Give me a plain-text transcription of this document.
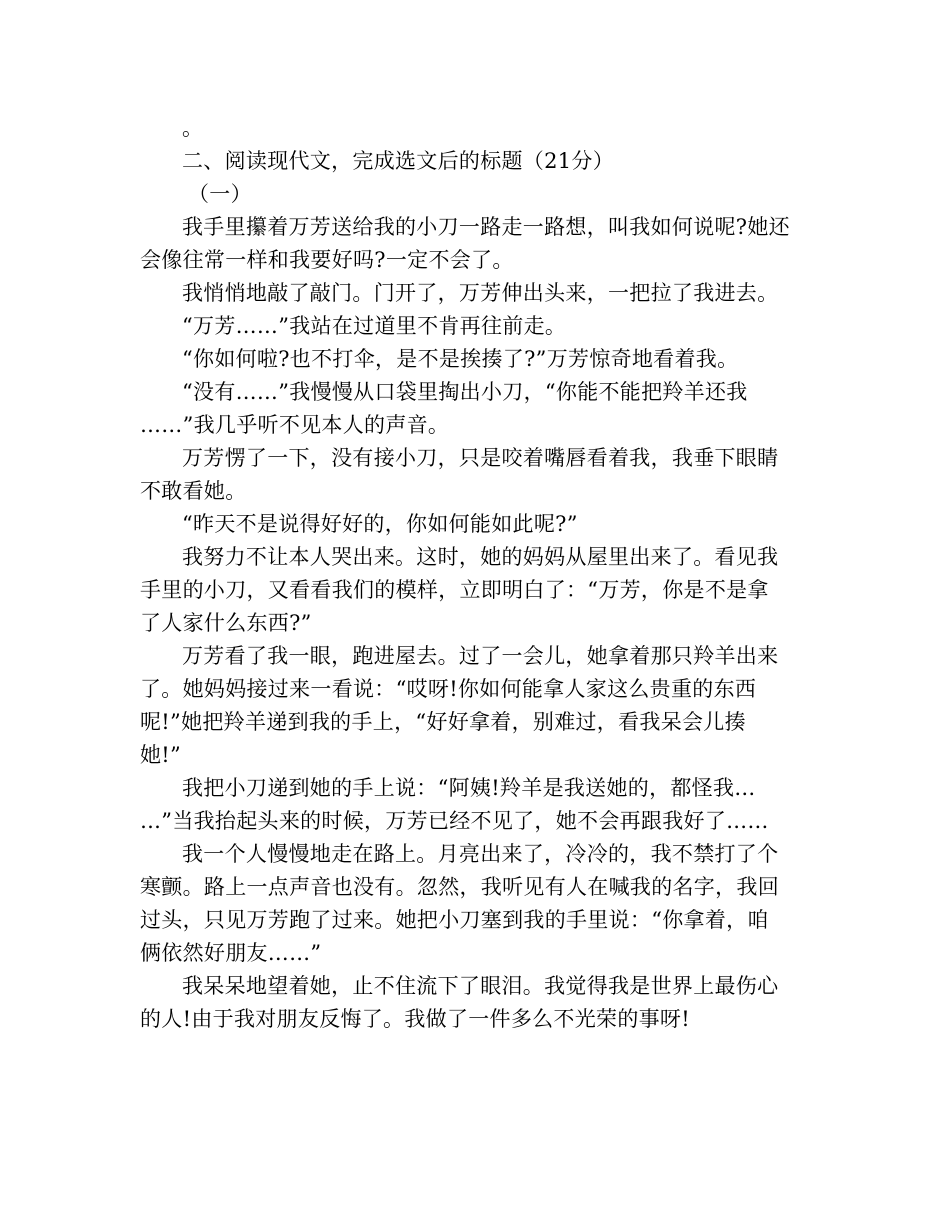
。
二、阅读现代文，完成选文后的标题（21分）
（一）
我手里攥着万芳送给我的小刀一路走一路想，叫我如何说呢?她还
会像往常一样和我要好吗?一定不会了。
我悄悄地敲了敲门。门开了，万芳伸出头来，一把拉了我进去。
“万芳……”我站在过道里不肯再往前走。
“你如何啦?也不打伞，是不是挨揍了?”万芳惊奇地看着我。
“没有……”我慢慢从口袋里掏出小刀，“你能不能把羚羊还我
……”我几乎听不见本人的声音。
万芳愣了一下，没有接小刀，只是咬着嘴唇看着我，我垂下眼睛
不敢看她。
“昨天不是说得好好的，你如何能如此呢?”
我努力不让本人哭出来。这时，她的妈妈从屋里出来了。看见我
手里的小刀，又看看我们的模样，立即明白了：“万芳，你是不是拿
了人家什么东西?”
万芳看了我一眼，跑进屋去。过了一会儿，她拿着那只羚羊出来
了。她妈妈接过来一看说：“哎呀!你如何能拿人家这么贵重的东西
呢!”她把羚羊递到我的手上，“好好拿着，别难过，看我呆会儿揍
她!”
我把小刀递到她的手上说：“阿姨!羚羊是我送她的，都怪我…
…”当我抬起头来的时候，万芳已经不见了，她不会再跟我好了……
我一个人慢慢地走在路上。月亮出来了，冷冷的，我不禁打了个
寒颤。路上一点声音也没有。忽然，我听见有人在喊我的名字，我回
过头，只见万芳跑了过来。她把小刀塞到我的手里说：“你拿着，咱
俩依然好朋友……”
我呆呆地望着她，止不住流下了眼泪。我觉得我是世界上最伤心
的人!由于我对朋友反悔了。我做了一件多么不光荣的事呀!
